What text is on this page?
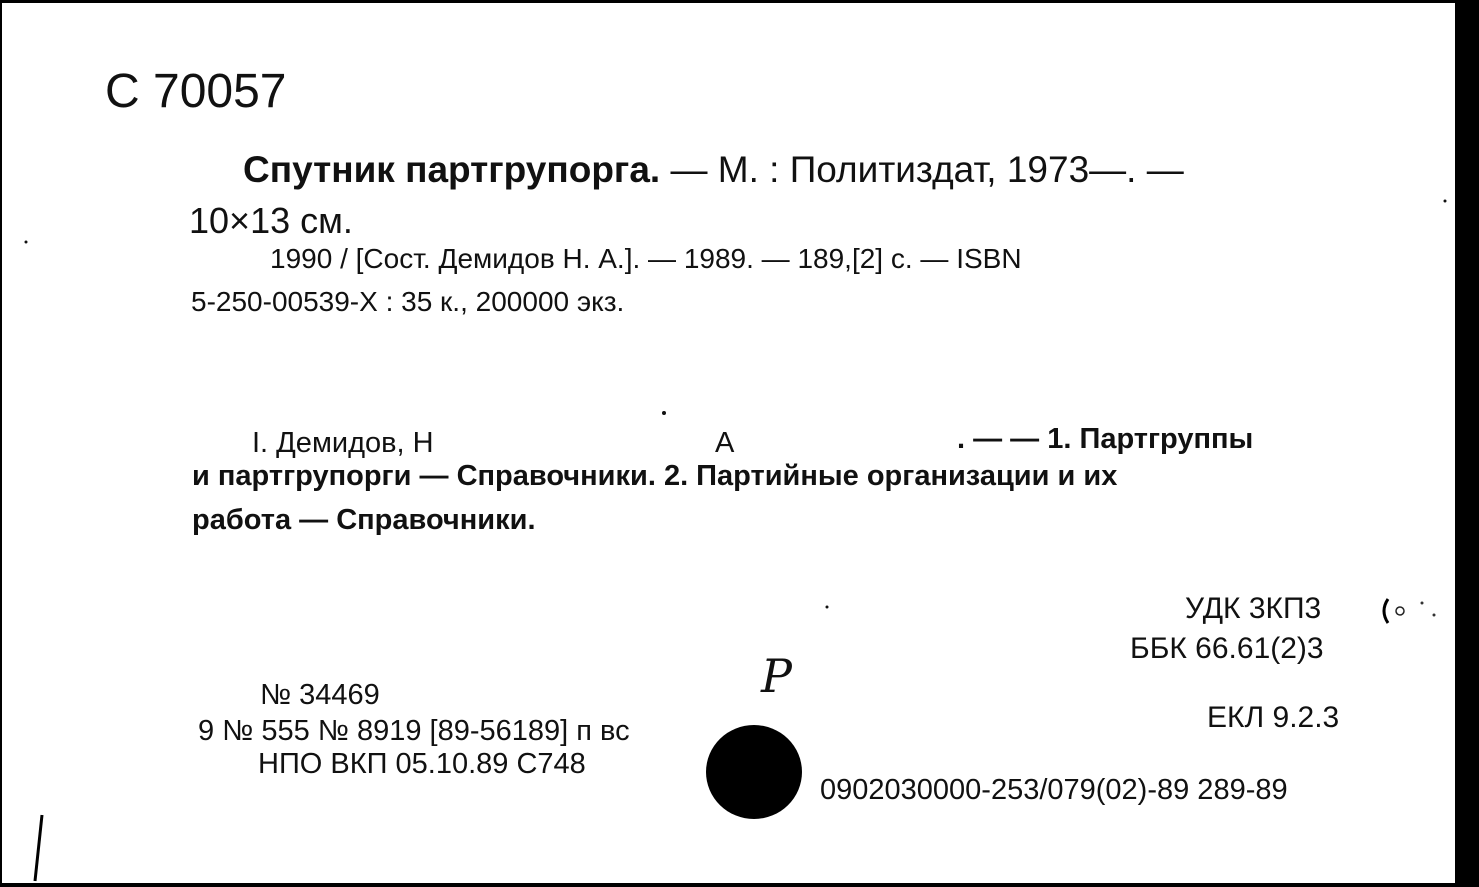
С 70057
Спутник партгрупорга. — М. : Политиздат, 1973—. —
10×13 см.
1990 / [Сост. Демидов Н. А.]. — 1989. — 189,[2] с. — ISBN
5-250-00539-Х : 35 к., 200000 экз.
I. Демидов, Н	А	. — — 1. Партгруппы
и партгрупорги — Справочники. 2. Партийные организации и их
работа — Справочники.
УДК 3КП3
ББК 66.61(2)3
ЕКЛ 9.2.3
№ 34469
9 № 555 № 8919 [89-56189] п вс
НПО ВКП 05.10.89 С748
Р
0902030000-253/079(02)-89 289-89
